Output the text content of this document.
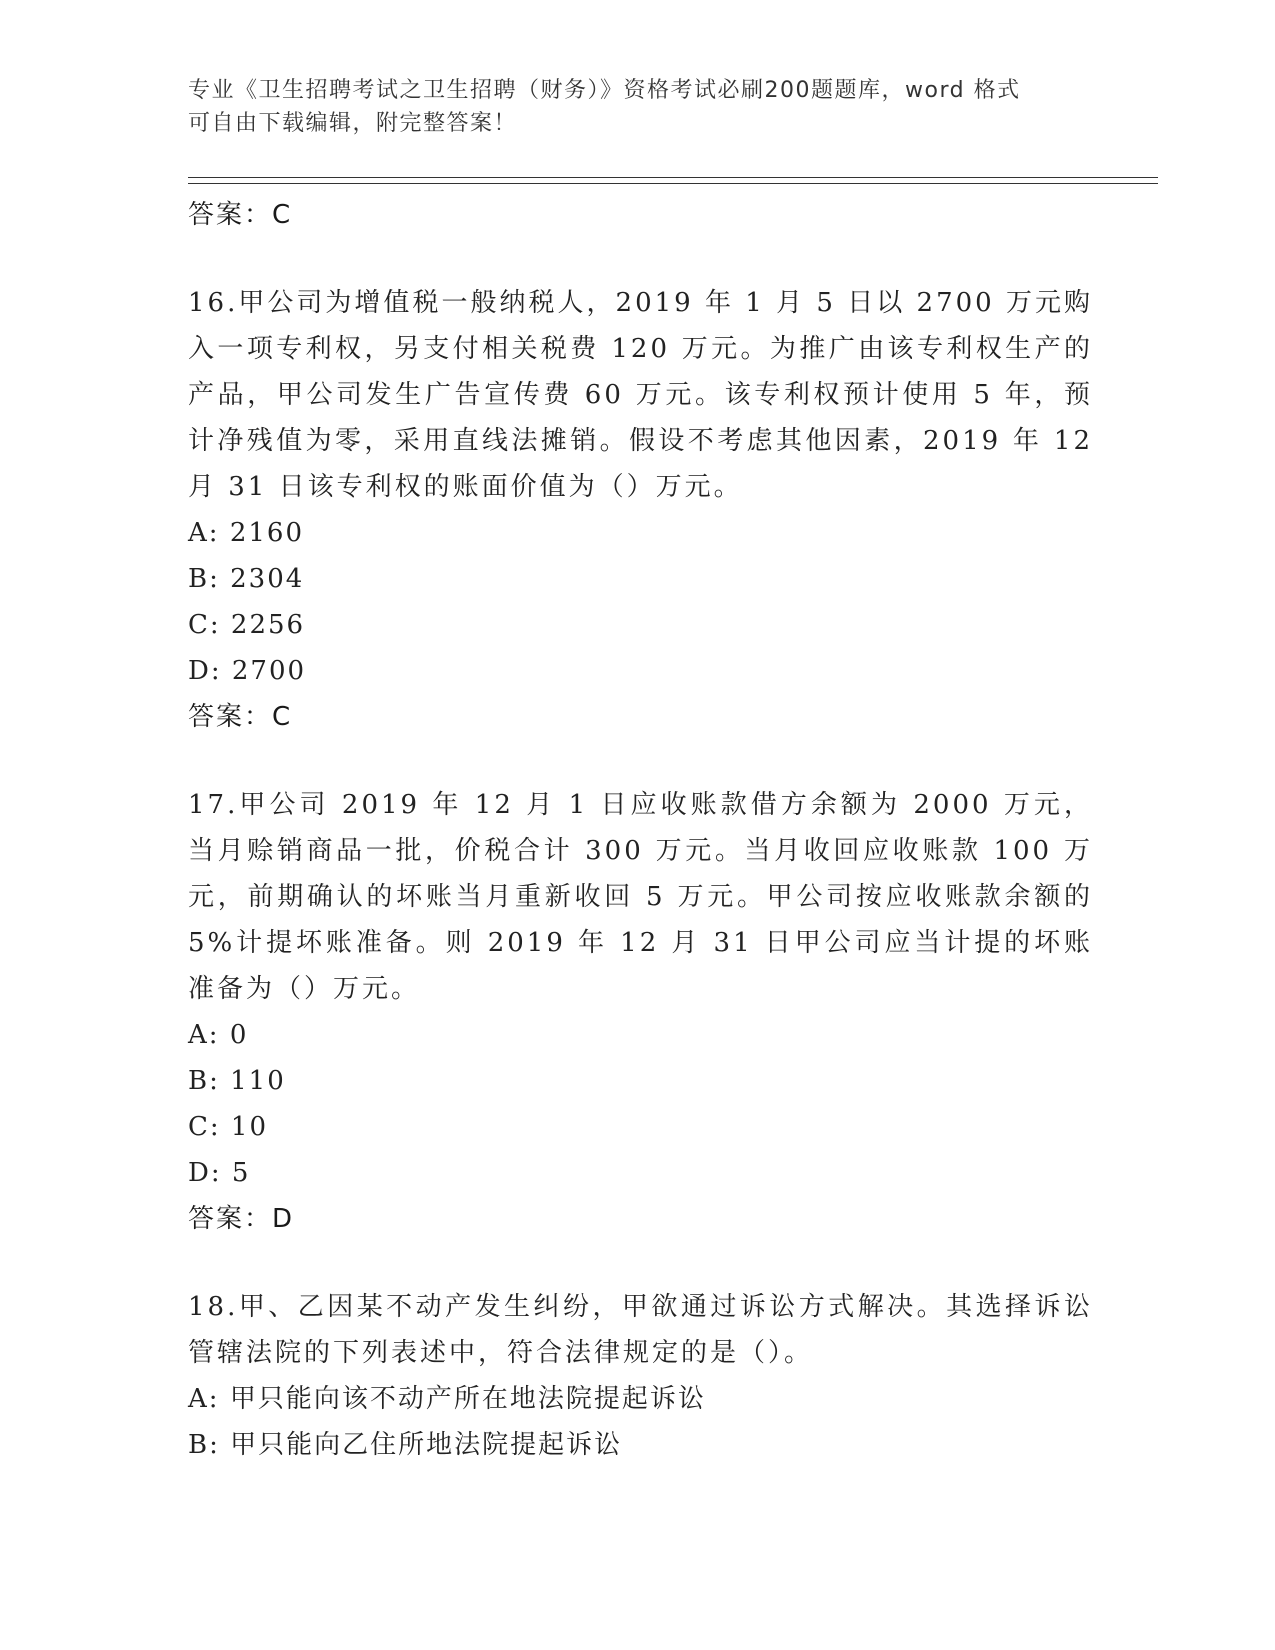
专业《卫生招聘考试之卫生招聘（财务）》资格考试必刷200题题库，word 格式
可自由下载编辑，附完整答案！
答案：C
16.甲公司为增值税一般纳税人，2019 年 1 月 5 日以 2700 万元购入一项专利权，另支付相关税费 120 万元。为推广由该专利权生产的产品，甲公司发生广告宣传费 60 万元。该专利权预计使用 5 年，预计净残值为零，采用直线法摊销。假设不考虑其他因素，2019 年 12 月 31 日该专利权的账面价值为（）万元。
A: 2160
B: 2304
C: 2256
D: 2700
答案：C
17.甲公司 2019 年 12 月 1 日应收账款借方余额为 2000 万元，当月赊销商品一批，价税合计 300 万元。当月收回应收账款 100 万元，前期确认的坏账当月重新收回 5 万元。甲公司按应收账款余额的 5%计提坏账准备。则 2019 年 12 月 31 日甲公司应当计提的坏账准备为（）万元。
A: 0
B: 110
C: 10
D: 5
答案：D
18.甲、乙因某不动产发生纠纷，甲欲通过诉讼方式解决。其选择诉讼管辖法院的下列表述中，符合法律规定的是（）。
A: 甲只能向该不动产所在地法院提起诉讼
B: 甲只能向乙住所地法院提起诉讼
